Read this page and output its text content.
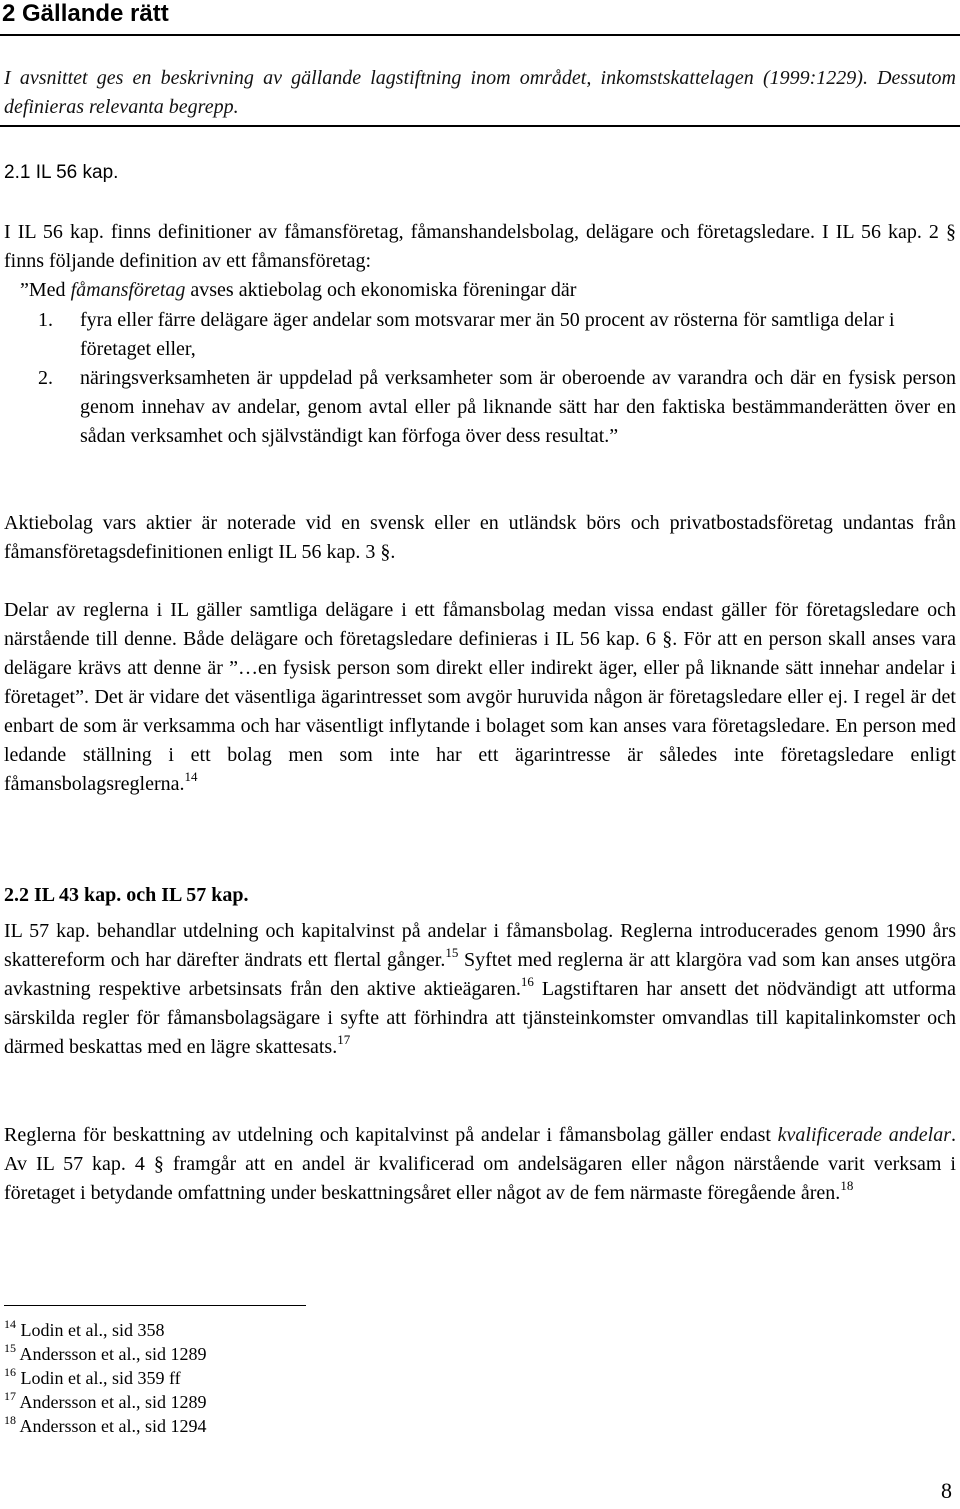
2 Gällande rätt
I avsnittet ges en beskrivning av gällande lagstiftning inom området, inkomstskattelagen (1999:1229). Dessutom definieras relevanta begrepp.
2.1 IL 56 kap.
I IL 56 kap. finns definitioner av fåmansföretag, fåmanshandelsbolag, delägare och företagsledare. I IL 56 kap. 2 § finns följande definition av ett fåmansföretag:
”Med fåmansföretag avses aktiebolag och ekonomiska föreningar där
1.	fyra eller färre delägare äger andelar som motsvarar mer än 50 procent av rösterna för samtliga delar i företaget eller,
2.	näringsverksamheten är uppdelad på verksamheter som är oberoende av varandra och där en fysisk person genom innehav av andelar, genom avtal eller på liknande sätt har den faktiska bestämmanderätten över en sådan verksamhet och självständigt kan förfoga över dess resultat.”
Aktiebolag vars aktier är noterade vid en svensk eller en utländsk börs och privatbostadsföretag undantas från fåmansföretagsdefinitionen enligt IL 56 kap. 3 §.
Delar av reglerna i IL gäller samtliga delägare i ett fåmansbolag medan vissa endast gäller för företagsledare och närstående till denne. Både delägare och företagsledare definieras i IL 56 kap. 6 §. För att en person skall anses vara delägare krävs att denne är ”…en fysisk person som direkt eller indirekt äger, eller på liknande sätt innehar andelar i företaget”. Det är vidare det väsentliga ägarintresset som avgör huruvida någon är företagsledare eller ej. I regel är det enbart de som är verksamma och har väsentligt inflytande i bolaget som kan anses vara företagsledare. En person med ledande ställning i ett bolag men som inte har ett ägarintresse är således inte företagsledare enligt fåmansbolagsreglerna.$^{14}$
2.2 IL 43 kap. och IL 57 kap.
IL 57 kap. behandlar utdelning och kapitalvinst på andelar i fåmansbolag. Reglerna introducerades genom 1990 års skattereform och har därefter ändrats ett flertal gånger.$^{15}$ Syftet med reglerna är att klargöra vad som kan anses utgöra avkastning respektive arbetsinsats från den aktive aktieägaren.$^{16}$ Lagstiftaren har ansett det nödvändigt att utforma särskilda regler för fåmansbolagsägare i syfte att förhindra att tjänsteinkomster omvandlas till kapitalinkomster och därmed beskattas med en lägre skattesats.$^{17}$
Reglerna för beskattning av utdelning och kapitalvinst på andelar i fåmansbolag gäller endast kvalificerade andelar. Av IL 57 kap. 4 § framgår att en andel är kvalificerad om andelsägaren eller någon närstående varit verksam i företaget i betydande omfattning under beskattningsåret eller något av de fem närmaste föregående åren.$^{18}$
$^{14}$ Lodin et al., sid 358
$^{15}$ Andersson et al., sid 1289
$^{16}$ Lodin et al., sid 359 ff
$^{17}$ Andersson et al., sid 1289
$^{18}$ Andersson et al., sid 1294
8
